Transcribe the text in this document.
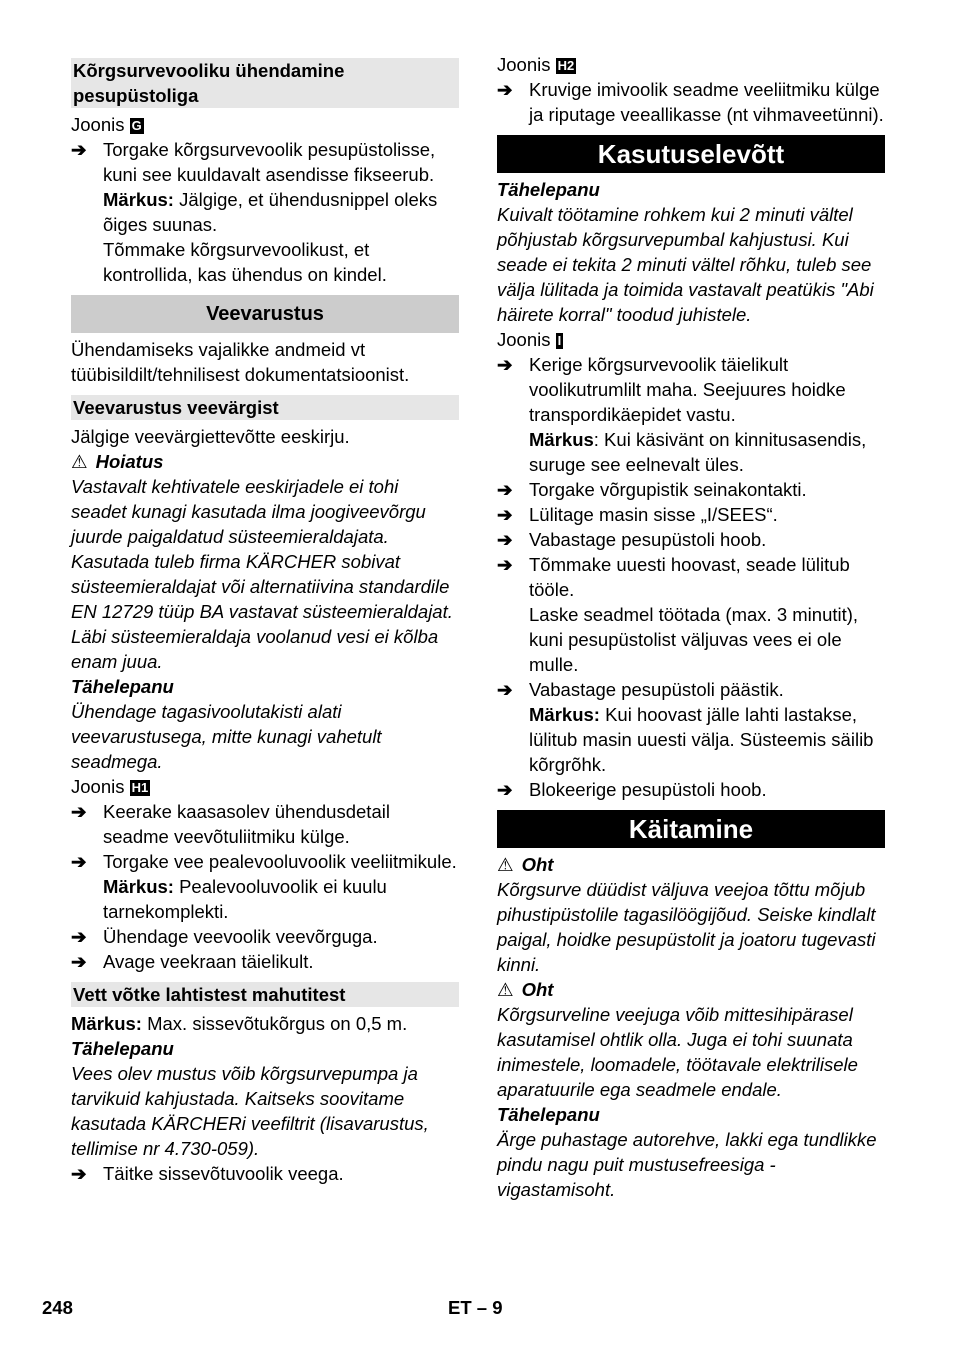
Kõrgsurvevooliku ühendamine pesupüstoliga

Joonis G

➔ Torgake kõrgsurvevoolik pesupüstolisse, kuni see kuuldavalt asendisse fikseerub.
Märkus: Jälgige, et ühendusnippel oleks õiges suunas.
Tõmmake kõrgsurvevoolikust, et kontrollida, kas ühendus on kindel.
Veevarustus

Ühendamiseks vajalikke andmeid vt tüübisildilt/tehnilisest dokumentatsioonist.

Veevarustus veevärgist

Jälgige veevärgiettevõtte eeskirju.

⚠ Hoiatus

Vastavalt kehtivatele eeskirjadele ei tohi seadet kunagi kasutada ilma joogiveevõrgu juurde paigaldatud süsteemieraldajata. Kasutada tuleb firma KÄRCHER sobivat süsteemieraldajat või alternatiivina standardile EN 12729 tüüp BA vastavat süsteemieraldajat.

Läbi süsteemieraldaja voolanud vesi ei kõlba enam juua.

Tähelepanu

Ühendage tagasivoolutakisti alati veevarustusega, mitte kunagi vahetult seadmega.

Joonis H1

➔ Keerake kaasasolev ühendusdetail seadme veevõtuliitmiku külge.
➔ Torgake vee pealevooluvoolik veeliitmikule.
Märkus: Pealevooluvoolik ei kuulu tarnekomplekti.
➔ Ühendage veevoolik veevõrguga.
➔ Avage veekraan täielikult.
Vett võtke lahtistest mahutitest

Märkus: Max. sissevõtukõrgus on 0,5 m.

Tähelepanu

Vees olev mustus võib kõrgsurvepumpa ja tarvikuid kahjustada. Kaitseks soovitame kasutada KÄRCHERi veefiltrit (lisavarustus, tellimise nr 4.730-059).

➔ Täitke sissevõtuvoolik veega.

Joonis H2

➔ Kruvige imivoolik seadme veeliitmiku külge ja riputage veeallikasse (nt vihmaveetünni).
Kasutuselevõtt

Tähelepanu

Kuivalt töötamine rohkem kui 2 minuti vältel põhjustab kõrgsurvepumbal kahjustusi. Kui seade ei tekita 2 minuti vältel rõhku, tuleb see välja lülitada ja toimida vastavalt peatükis "Abi häirete korral" toodud juhistele.

Joonis I

➔ Kerige kõrgsurvevoolik täielikult voolikutrumlilt maha. Seejuures hoidke transpordikäepidet vastu.
Märkus: Kui käsivänt on kinnitusasendis, suruge see eelnevalt üles.
➔ Torgake võrgupistik seinakontakti.
➔ Lülitage masin sisse „I/SEES“.
➔ Vabastage pesupüstoli hoob.
➔ Tõmmake uuesti hoovast, seade lülitub tööle.
Laske seadmel töötada (max. 3 minutit), kuni pesupüstolist väljuvas vees ei ole mulle.
➔ Vabastage pesupüstoli päästik.
Märkus: Kui hoovast jälle lahti lastakse, lülitub masin uuesti välja. Süsteemis säilib kõrgrõhk.
➔ Blokeerige pesupüstoli hoob.
Käitamine
⚠ Oht

Kõrgsurve düüdist väljuva veejoa tõttu mõjub pihustipüstolile tagasilöögijõud. Seiske kindlalt paigal, hoidke pesupüstolit ja joatoru tugevasti kinni.

⚠ Oht

Kõrgsurveline veejuga võib mittesihipärasel kasutamisel ohtlik olla. Juga ei tohi suunata inimestele, loomadele, töötavale elektrilisele aparatuurile ega seadmele endale.

Tähelepanu

Ärge puhastage autorehve, lakki ega tundlikke pindu nagu puit mustusefreesiga - vigastamisoht.

248	ET – 9
